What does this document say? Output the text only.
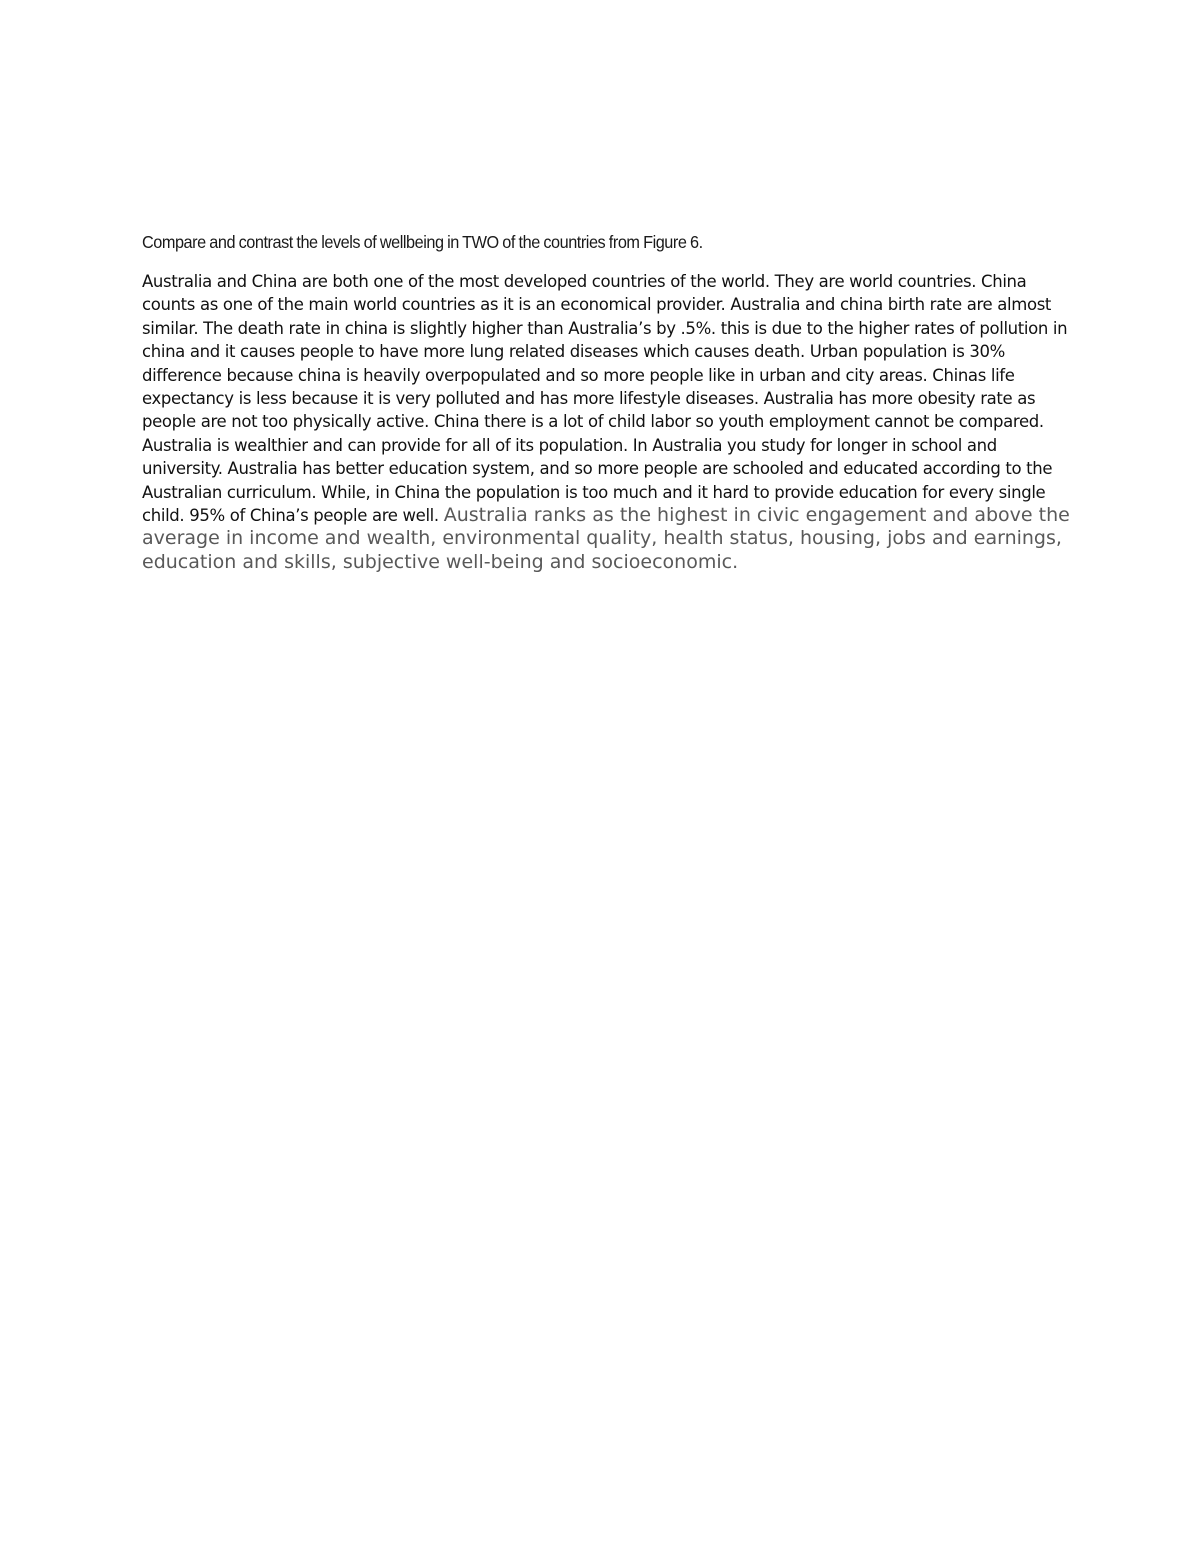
Compare and contrast the levels of wellbeing in TWO of the countries from Figure 6.

Australia and China are both one of the most developed countries of the world. They are world countries. China counts as one of the main world countries as it is an economical provider. Australia and china birth rate are almost similar. The death rate in china is slightly higher than Australia’s by .5%. this is due to the higher rates of pollution in china and it causes people to have more lung related diseases which causes death. Urban population is 30% difference because china is heavily overpopulated and so more people like in urban and city areas. Chinas life expectancy is less because it is very polluted and has more lifestyle diseases. Australia has more obesity rate as people are not too physically active. China there is a lot of child labor so youth employment cannot be compared. Australia is wealthier and can provide for all of its population. In Australia you study for longer in school and university. Australia has better education system, and so more people are schooled and educated according to the Australian curriculum. While, in China the population is too much and it hard to provide education for every single child. 95% of China’s people are well. Australia ranks as the highest in civic engagement and above the average in income and wealth, environmental quality, health status, housing, jobs and earnings, education and skills, subjective well-being and socioeconomic.
